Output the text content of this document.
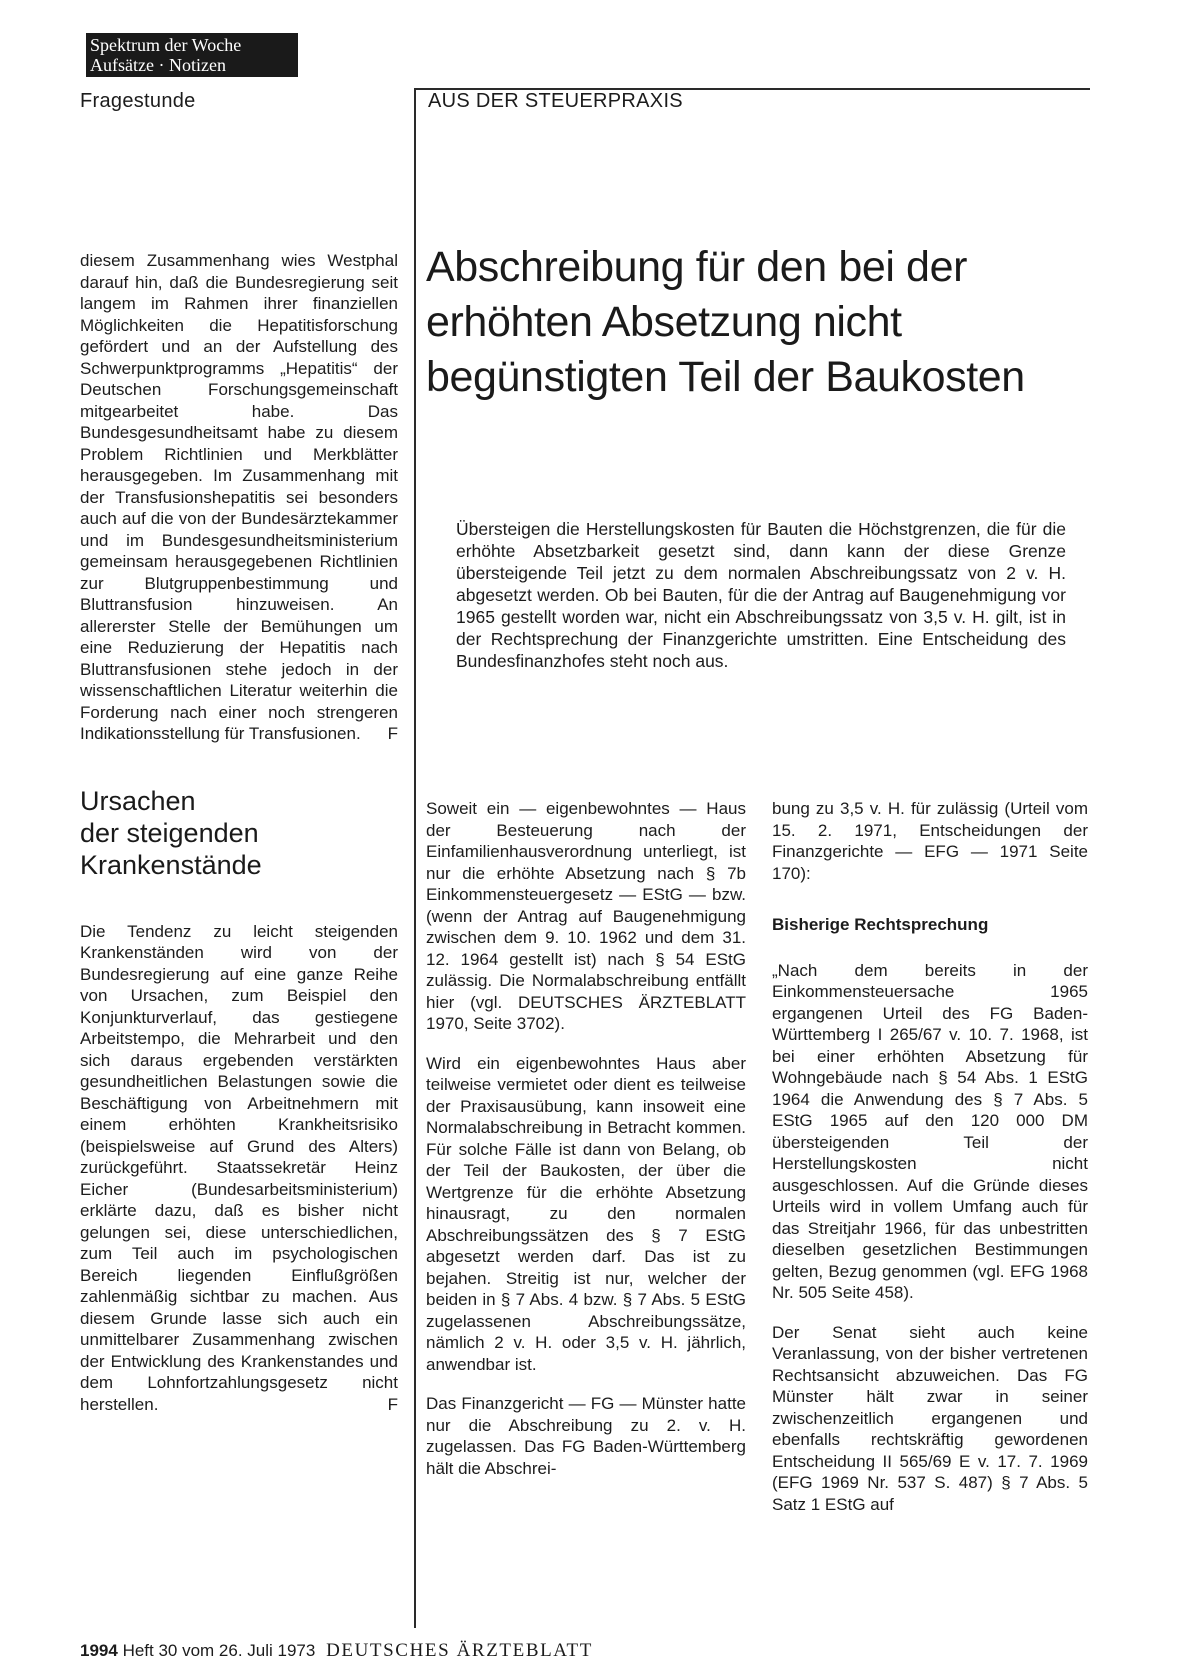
Spektrum der Woche
Aufsätze · Notizen
Fragestunde	AUS DER STEUERPRAXIS
Abschreibung für den bei der
erhöhten Absetzung nicht
begünstigten Teil der Baukosten
Übersteigen die Herstellungskosten für Bauten die Höchstgrenzen, die für die erhöhte Absetzbarkeit gesetzt sind, dann kann der diese Grenze übersteigende Teil jetzt zu dem normalen Abschreibungssatz von 2 v. H. abgesetzt werden. Ob bei Bauten, für die der Antrag auf Baugenehmigung vor 1965 gestellt worden war, nicht ein Abschreibungssatz von 3,5 v. H. gilt, ist in der Rechtsprechung der Finanzgerichte umstritten. Eine Entscheidung des Bundesfinanzhofes steht noch aus.

diesem Zusammenhang wies Westphal darauf hin, daß die Bundesregierung seit langem im Rahmen ihrer finanziellen Möglichkeiten die Hepatitisforschung gefördert und an der Aufstellung des Schwerpunktprogramms „Hepatitis“ der Deutschen Forschungsgemeinschaft mitgearbeitet habe. Das Bundesgesundheitsamt habe zu diesem Problem Richtlinien und Merkblätter herausgegeben. Im Zusammenhang mit der Transfusionshepatitis sei besonders auch auf die von der Bundesärztekammer und im Bundesgesundheitsministerium gemeinsam herausgegebenen Richtlinien zur Blutgruppenbestimmung und Bluttransfusion hinzuweisen. An allererster Stelle der Bemühungen um eine Reduzierung der Hepatitis nach Bluttransfusionen stehe jedoch in der wissenschaftlichen Literatur weiterhin die Forderung nach einer noch strengeren Indikationsstellung für Transfusionen. F

Ursachen
der steigenden
Krankenstände

Die Tendenz zu leicht steigenden Krankenständen wird von der Bundesregierung auf eine ganze Reihe von Ursachen, zum Beispiel den Konjunkturverlauf, das gestiegene Arbeitstempo, die Mehrarbeit und den sich daraus ergebenden verstärkten gesundheitlichen Belastungen sowie die Beschäftigung von Arbeitnehmern mit einem erhöhten Krankheitsrisiko (beispielsweise auf Grund des Alters) zurückgeführt. Staatssekretär Heinz Eicher (Bundesarbeitsministerium) erklärte dazu, daß es bisher nicht gelungen sei, diese unterschiedlichen, zum Teil auch im psychologischen Bereich liegenden Einflußgrößen zahlenmäßig sichtbar zu machen. Aus diesem Grunde lasse sich auch ein unmittelbarer Zusammenhang zwischen der Entwicklung des Krankenstandes und dem Lohnfortzahlungsgesetz nicht herstellen.	F

Soweit ein — eigenbewohntes — Haus der Besteuerung nach der Einfamilienhausverordnung unterliegt, ist nur die erhöhte Absetzung nach § 7b Einkommensteuergesetz — EStG — bzw. (wenn der Antrag auf Baugenehmigung zwischen dem 9. 10. 1962 und dem 31. 12. 1964 gestellt ist) nach § 54 EStG zulässig. Die Normalabschreibung entfällt hier (vgl. DEUTSCHES ÄRZTEBLATT 1970, Seite 3702).

Wird ein eigenbewohntes Haus aber teilweise vermietet oder dient es teilweise der Praxisausübung, kann insoweit eine Normalabschreibung in Betracht kommen. Für solche Fälle ist dann von Belang, ob der Teil der Baukosten, der über die Wertgrenze für die erhöhte Absetzung hinausragt, zu den normalen Abschreibungssätzen des § 7 EStG abgesetzt werden darf. Das ist zu bejahen. Streitig ist nur, welcher der beiden in § 7 Abs. 4 bzw. § 7 Abs. 5 EStG zugelassenen Abschreibungssätze, nämlich 2 v. H. oder 3,5 v. H. jährlich, anwendbar ist.

Das Finanzgericht — FG — Münster hatte nur die Abschreibung zu 2. v. H. zugelassen. Das FG Baden-Württemberg hält die Abschrei-

bung zu 3,5 v. H. für zulässig (Urteil vom 15. 2. 1971, Entscheidungen der Finanzgerichte — EFG — 1971 Seite 170):

Bisherige Rechtsprechung

„Nach dem bereits in der Einkommensteuersache 1965 ergangenen Urteil des FG Baden-Württemberg I 265/67 v. 10. 7. 1968, ist bei einer erhöhten Absetzung für Wohngebäude nach § 54 Abs. 1 EStG 1964 die Anwendung des § 7 Abs. 5 EStG 1965 auf den 120 000 DM übersteigenden Teil der Herstellungskosten nicht ausgeschlossen. Auf die Gründe dieses Urteils wird in vollem Umfang auch für das Streitjahr 1966, für das unbestritten dieselben gesetzlichen Bestimmungen gelten, Bezug genommen (vgl. EFG 1968 Nr. 505 Seite 458).

Der Senat sieht auch keine Veranlassung, von der bisher vertretenen Rechtsansicht abzuweichen. Das FG Münster hält zwar in seiner zwischenzeitlich ergangenen und ebenfalls rechtskräftig gewordenen Entscheidung II 565/69 E v. 17. 7. 1969 (EFG 1969 Nr. 537 S. 487) § 7 Abs. 5 Satz 1 EStG auf

1994 Heft 30 vom 26. Juli 1973 DEUTSCHES ÄRZTEBLATT
